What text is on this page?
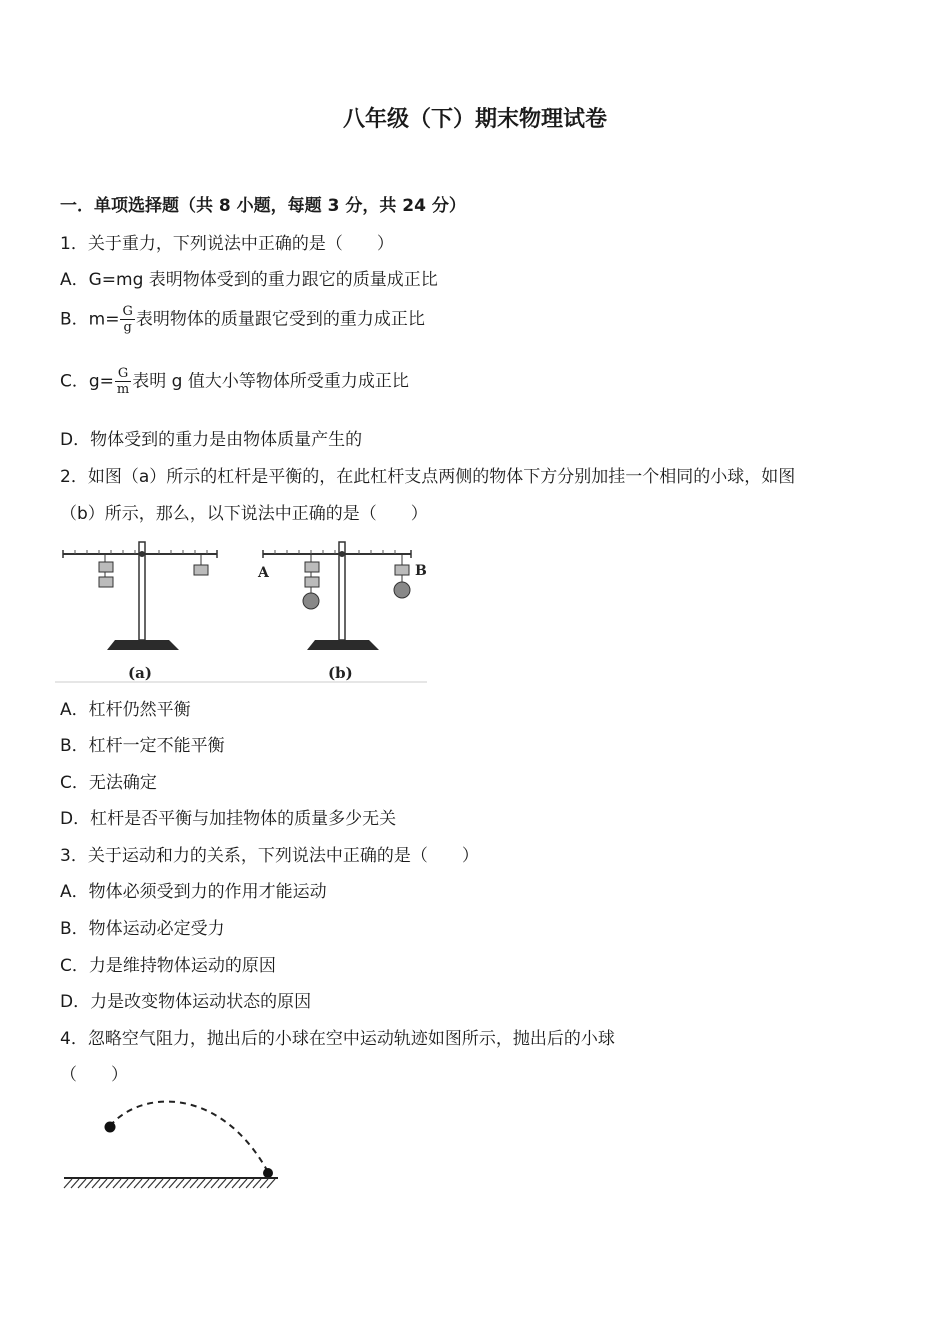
八年级（下）期末物理试卷
一．单项选择题（共 8 小题，每题 3 分，共 24 分）
1．关于重力，下列说法中正确的是（　　）
A．G=mg 表明物体受到的重力跟它的质量成正比
B．$m= \frac{G}{g}$ 表明物体的质量跟它受到的重力成正比
C．$g= \frac{G}{m}$ 表明 g 值大小等物体所受重力成正比
D．物体受到的重力是由物体质量产生的
2．如图（a）所示的杠杆是平衡的，在此杠杆支点两侧的物体下方分别加挂一个相同的小球，如图
（b）所示，那么，以下说法中正确的是（　　）
(a)
A	B
(b)
A．杠杆仍然平衡
B．杠杆一定不能平衡
C．无法确定
D．杠杆是否平衡与加挂物体的质量多少无关
3．关于运动和力的关系，下列说法中正确的是（　　）
A．物体必须受到力的作用才能运动
B．物体运动必定受力
C．力是维持物体运动的原因
D．力是改变物体运动状态的原因
4．忽略空气阻力，抛出后的小球在空中运动轨迹如图所示，抛出后的小球
（　　）
